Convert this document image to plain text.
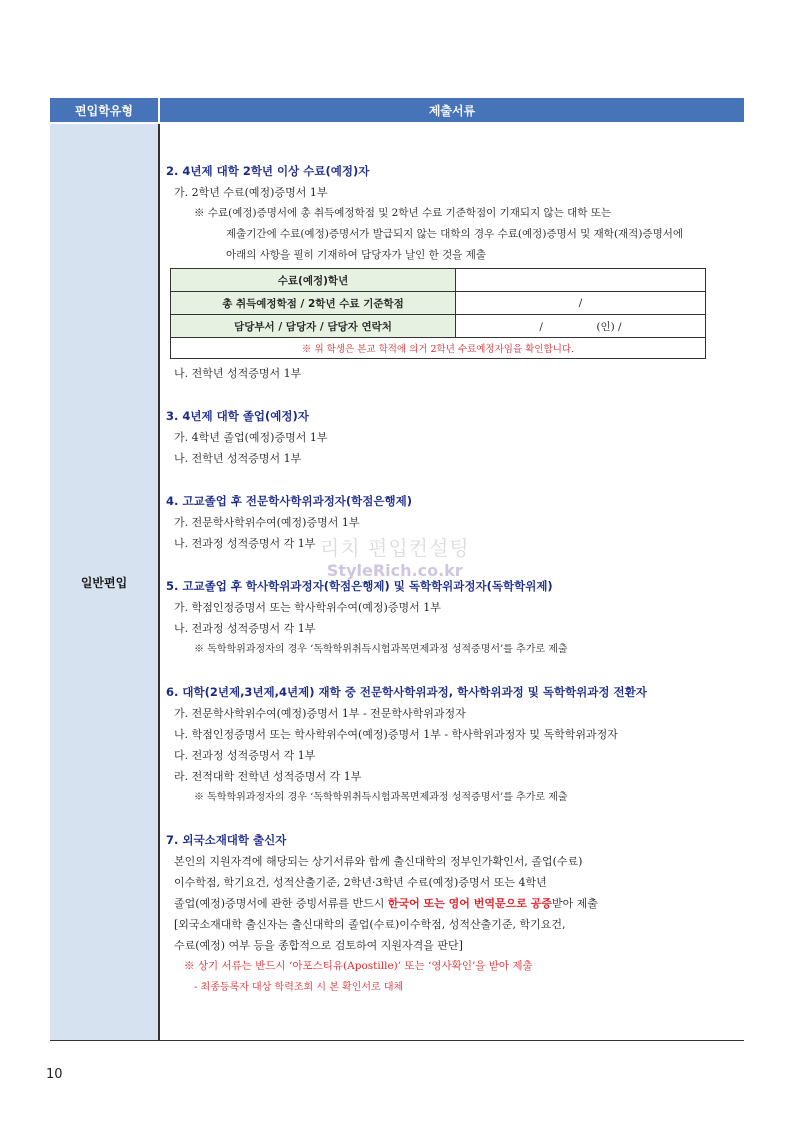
편입학유형	제출서류
일반편입
리치 편입컨설팅
StyleRich.co.kr
2. 4년제 대학 2학년 이상 수료(예정)자
가. 2학년 수료(예정)증명서 1부
※ 수료(예정)증명서에 총 취득예정학점 및 2학년 수료 기준학점이 기재되지 않는 대학 또는
제출기간에 수료(예정)증명서가 발급되지 않는 대학의 경우 수료(예정)증명서 및 재학(재적)증명서에
아래의 사항을 필히 기재하여 담당자가 날인 한 것을 제출
수료(예정)학년	
총 취득예정학점 / 2학년 수료 기준학점	/
담당부서 / 담당자 / 담당자 연락처	/                (인) /
※ 위 학생은 본교 학적에 의거 2학년 수료예정자임을 확인합니다.	
나. 전학년 성적증명서 1부
3. 4년제 대학 졸업(예정)자
가. 4학년 졸업(예정)증명서 1부
나. 전학년 성적증명서 1부
4. 고교졸업 후 전문학사학위과정자(학점은행제)
가. 전문학사학위수여(예정)증명서 1부
나. 전과정 성적증명서 각 1부
5. 고교졸업 후 학사학위과정자(학점은행제) 및 독학학위과정자(독학학위제)
가. 학점인정증명서 또는 학사학위수여(예정)증명서 1부
나. 전과정 성적증명서 각 1부
※ 독학학위과정자의 경우 ‘독학학위취득시험과목면제과정 성적증명서’를 추가로 제출
6. 대학(2년제,3년제,4년제) 재학 중 전문학사학위과정, 학사학위과정 및 독학학위과정 전환자
가. 전문학사학위수여(예정)증명서 1부 - 전문학사학위과정자
나. 학점인정증명서 또는 학사학위수여(예정)증명서 1부 - 학사학위과정자 및 독학학위과정자
다. 전과정 성적증명서 각 1부
라. 전적대학 전학년 성적증명서 각 1부
※ 독학학위과정자의 경우 ‘독학학위취득시험과목면제과정 성적증명서’를 추가로 제출
7. 외국소재대학 출신자
본인의 지원자격에 해당되는 상기서류와 함께 출신대학의 정부인가확인서, 졸업(수료)
이수학점, 학기요건, 성적산출기준, 2학년·3학년 수료(예정)증명서 또는 4학년
졸업(예정)증명서에 관한 증빙서류를 반드시 한국어 또는 영어 번역문으로 공증받아 제출
[외국소재대학 출신자는 출신대학의 졸업(수료)이수학점, 성적산출기준, 학기요건,
수료(예정) 여부 등을 종합적으로 검토하여 지원자격을 판단]
※ 상기 서류는 반드시 ‘아포스티유(Apostille)’ 또는 ‘영사확인’을 받아 제출
- 최종등록자 대상 학력조회 시 본 확인서로 대체
10
